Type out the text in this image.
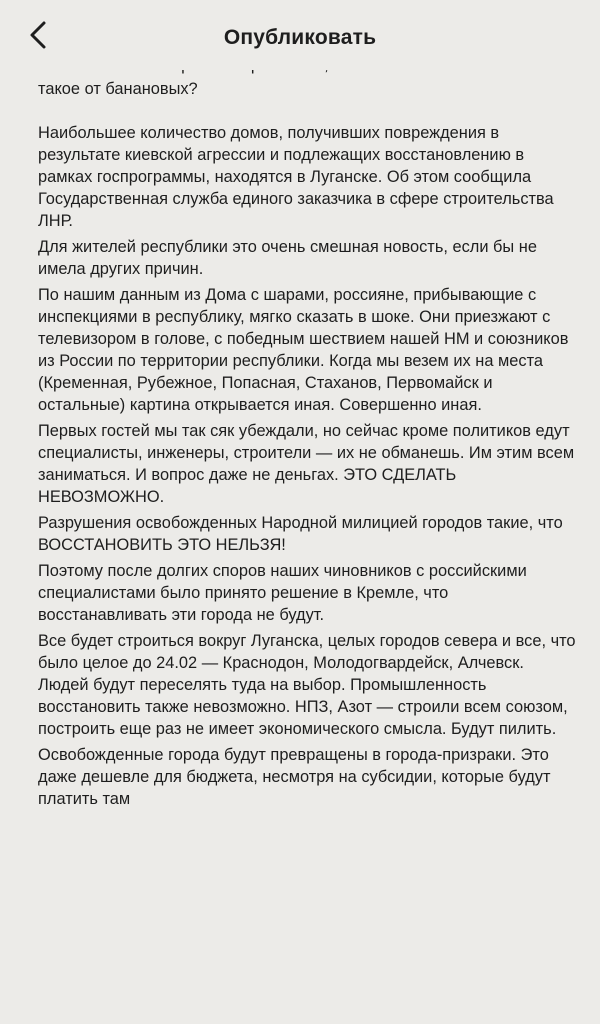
Опубликовать

такое от банановых?

Наибольшее количество домов, получивших повреждения в результате киевской агрессии и подлежащих восстановлению в рамках госпрограммы, находятся в Луганске. Об этом сообщила Государственная служба единого заказчика в сфере строительства ЛНР.

Для жителей республики это очень смешная новость, если бы не имела других причин.

По нашим данным из Дома с шарами, россияне, прибывающие с инспекциями в республику, мягко сказать в шоке. Они приезжают с телевизором в голове, с победным шествием нашей НМ и союзников из России по территории республики. Когда мы везем их на места (Кременная, Рубежное, Попасная, Стаханов, Первомайск и остальные) картина открывается иная. Совершенно иная.

Первых гостей мы так сяк убеждали, но сейчас кроме политиков едут специалисты, инженеры, строители — их не обманешь. Им этим всем заниматься. И вопрос даже не деньгах. ЭТО СДЕЛАТЬ НЕВОЗМОЖНО.

Разрушения освобожденных Народной милицией городов такие, что ВОССТАНОВИТЬ ЭТО НЕЛЬЗЯ!

Поэтому после долгих споров наших чиновников с российскими специалистами было принято решение в Кремле, что восстанавливать эти города не будут.

Все будет строиться вокруг Луганска, целых городов севера и все, что было целое до 24.02 — Краснодон, Молодогвардейск, Алчевск. Людей будут переселять туда на выбор. Промышленность восстановить также невозможно. НПЗ, Азот — строили всем союзом, построить еще раз не имеет экономического смысла. Будут пилить.

Освобожденные города будут превращены в города-призраки. Это даже дешевле для бюджета, несмотря на субсидии, которые будут платить там
